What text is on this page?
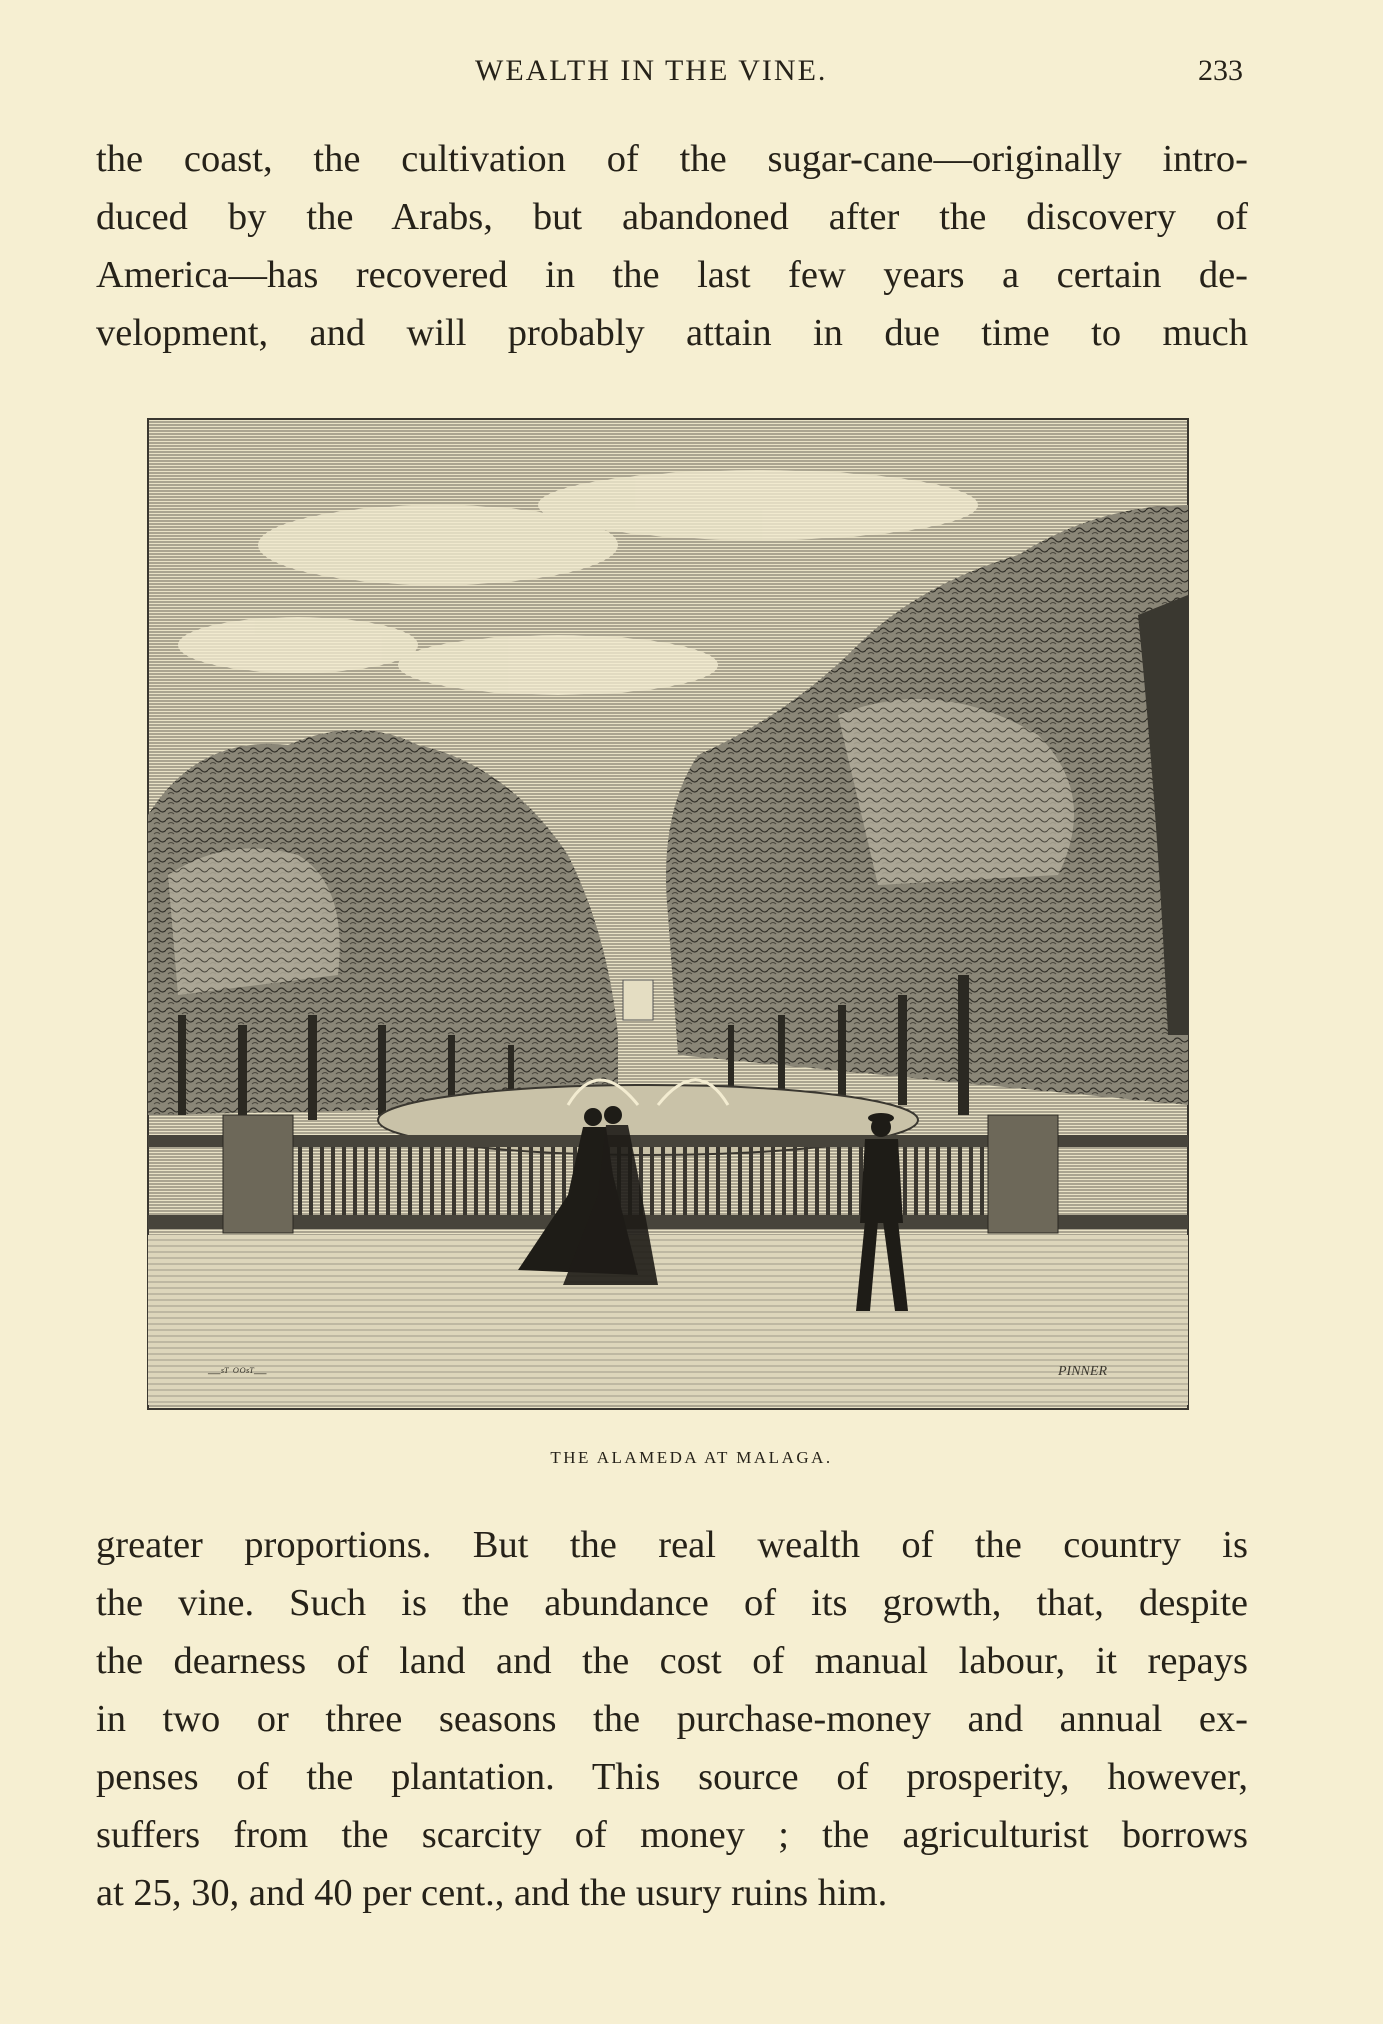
WEALTH IN THE VINE.	233
the coast, the cultivation of the sugar-cane—originally intro-
duced by the Arabs, but abandoned after the discovery of
America—has recovered in the last few years a certain de-
velopment, and will probably attain in due time to much
—ˢᵀ ᴼᴼˢᵀ—	PINNER
THE ALAMEDA AT MALAGA.
greater proportions. But the real wealth of the country is
the vine. Such is the abundance of its growth, that, despite
the dearness of land and the cost of manual labour, it repays
in two or three seasons the purchase-money and annual ex-
penses of the plantation. This source of prosperity, however,
suffers from the scarcity of money ; the agriculturist borrows
at 25, 30, and 40 per cent., and the usury ruins him.
